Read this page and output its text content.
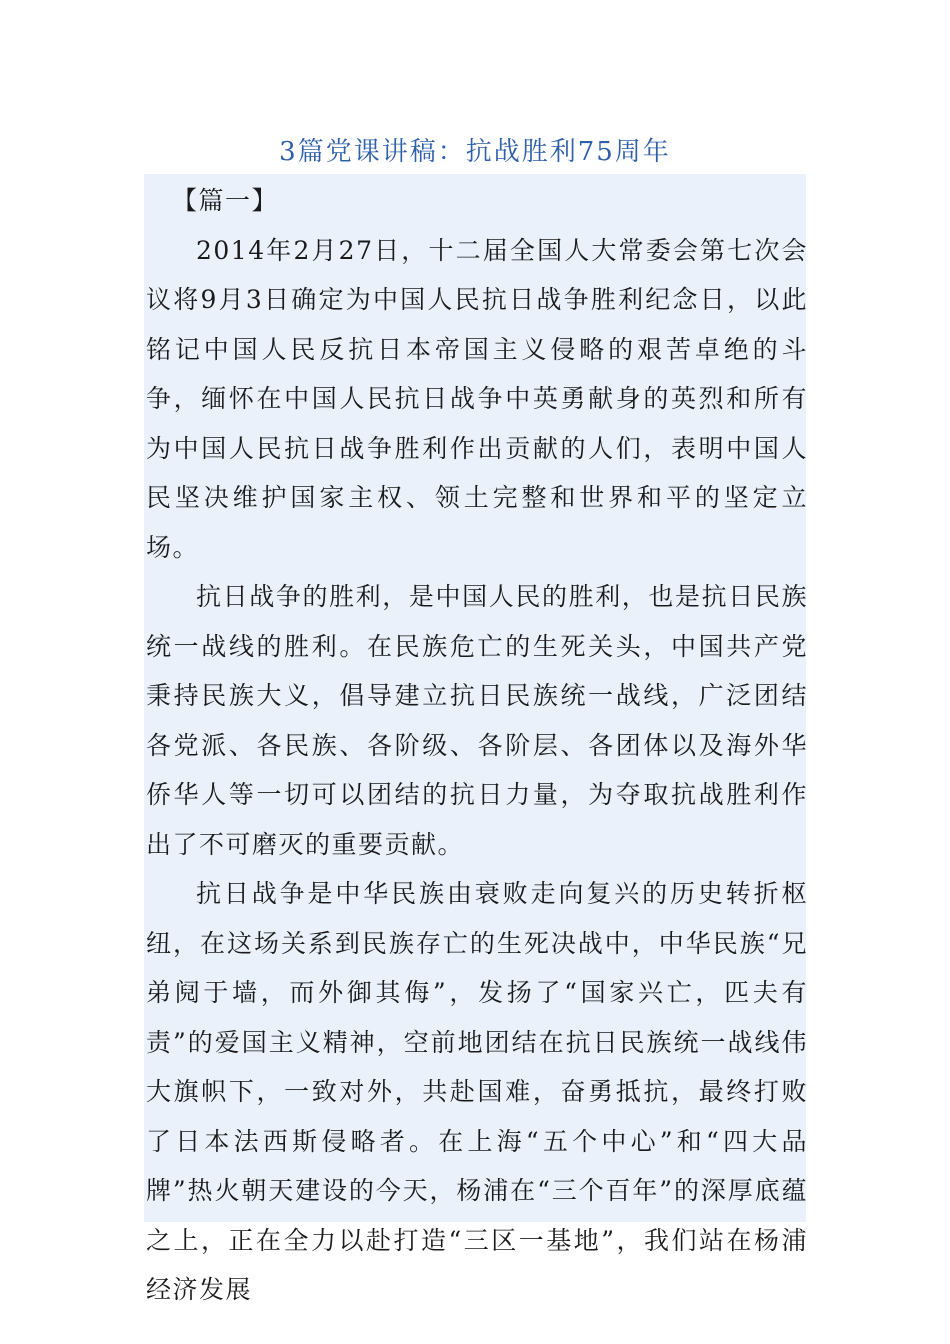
3篇党课讲稿：抗战胜利75周年

【篇一】

2014年2月27日，十二届全国人大常委会第七次会议将9月3日确定为中国人民抗日战争胜利纪念日，以此铭记中国人民反抗日本帝国主义侵略的艰苦卓绝的斗争，缅怀在中国人民抗日战争中英勇献身的英烈和所有为中国人民抗日战争胜利作出贡献的人们，表明中国人民坚决维护国家主权、领土完整和世界和平的坚定立场。

抗日战争的胜利，是中国人民的胜利，也是抗日民族统一战线的胜利。在民族危亡的生死关头，中国共产党秉持民族大义，倡导建立抗日民族统一战线，广泛团结各党派、各民族、各阶级、各阶层、各团体以及海外华侨华人等一切可以团结的抗日力量，为夺取抗战胜利作出了不可磨灭的重要贡献。

抗日战争是中华民族由衰败走向复兴的历史转折枢纽，在这场关系到民族存亡的生死决战中，中华民族“兄弟阋于墙，而外御其侮”，发扬了“国家兴亡，匹夫有责”的爱国主义精神，空前地团结在抗日民族统一战线伟大旗帜下，一致对外，共赴国难，奋勇抵抗，最终打败了日本法西斯侵略者。在上海“五个中心”和“四大品牌”热火朝天建设的今天，杨浦在“三个百年”的深厚底蕴之上，正在全力以赴打造“三区一基地”，我们站在杨浦经济发展
